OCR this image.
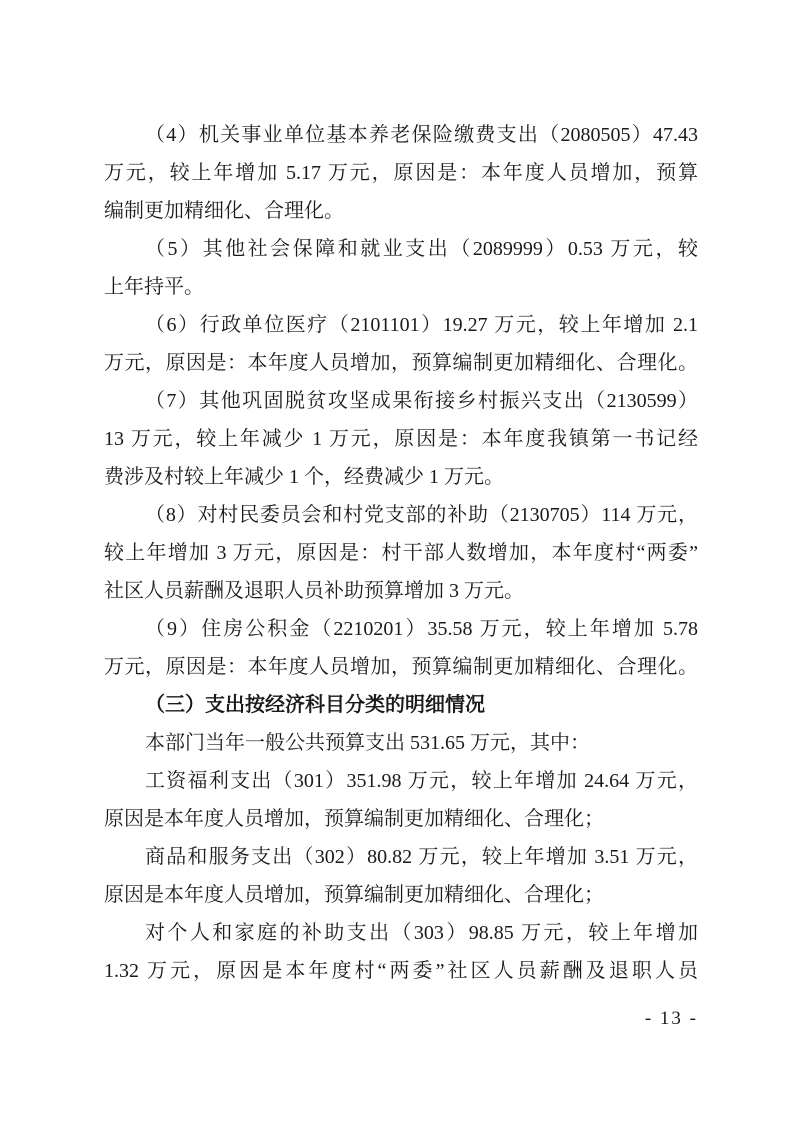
（4）机关事业单位基本养老保险缴费支出（2080505）47.43
万元，较上年增加 5.17 万元，原因是：本年度人员增加，预算
编制更加精细化、合理化。
（5）其他社会保障和就业支出（2089999）0.53 万元，较
上年持平。
（6）行政单位医疗（2101101）19.27 万元，较上年增加 2.1
万元，原因是：本年度人员增加，预算编制更加精细化、合理化。
（7）其他巩固脱贫攻坚成果衔接乡村振兴支出（2130599）
13 万元，较上年减少 1 万元，原因是：本年度我镇第一书记经
费涉及村较上年减少 1 个，经费减少 1 万元。
（8）对村民委员会和村党支部的补助（2130705）114 万元，
较上年增加 3 万元，原因是：村干部人数增加，本年度村“两委”
社区人员薪酬及退职人员补助预算增加 3 万元。
（9）住房公积金（2210201）35.58 万元，较上年增加 5.78
万元，原因是：本年度人员增加，预算编制更加精细化、合理化。
（三）支出按经济科目分类的明细情况
本部门当年一般公共预算支出 531.65 万元，其中：
工资福利支出（301）351.98 万元，较上年增加 24.64 万元，
原因是本年度人员增加，预算编制更加精细化、合理化；
商品和服务支出（302）80.82 万元，较上年增加 3.51 万元，
原因是本年度人员增加，预算编制更加精细化、合理化；
对个人和家庭的补助支出（303）98.85 万元，较上年增加
1.32 万元，原因是本年度村“两委”社区人员薪酬及退职人员
- 13 -
